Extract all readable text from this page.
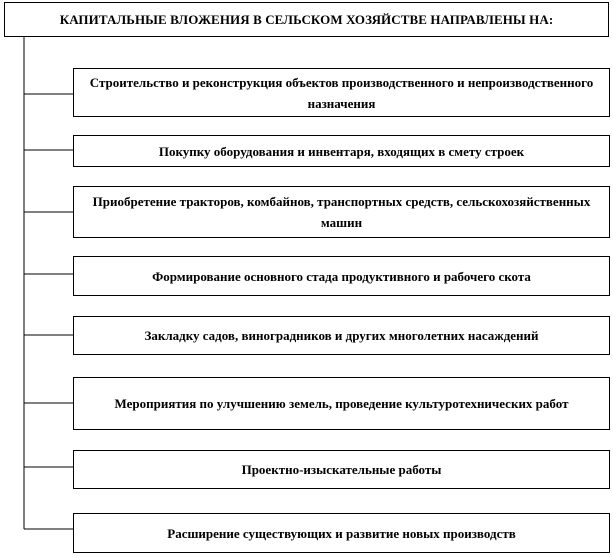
КАПИТАЛЬНЫЕ ВЛОЖЕНИЯ В СЕЛЬСКОМ ХОЗЯЙСТВЕ НАПРАВЛЕНЫ НА:
Строительство и реконструкция объектов производственного и непроизводственного назначения
Покупку оборудования и инвентаря, входящих в смету строек
Приобретение тракторов, комбайнов, транспортных средств, сельскохозяйственных машин
Формирование основного стада продуктивного и рабочего скота
Закладку садов, виноградников и других многолетних насаждений
Мероприятия по улучшению земель, проведение культуротехнических работ
Проектно-изыскательные работы
Расширение существующих и развитие новых производств
